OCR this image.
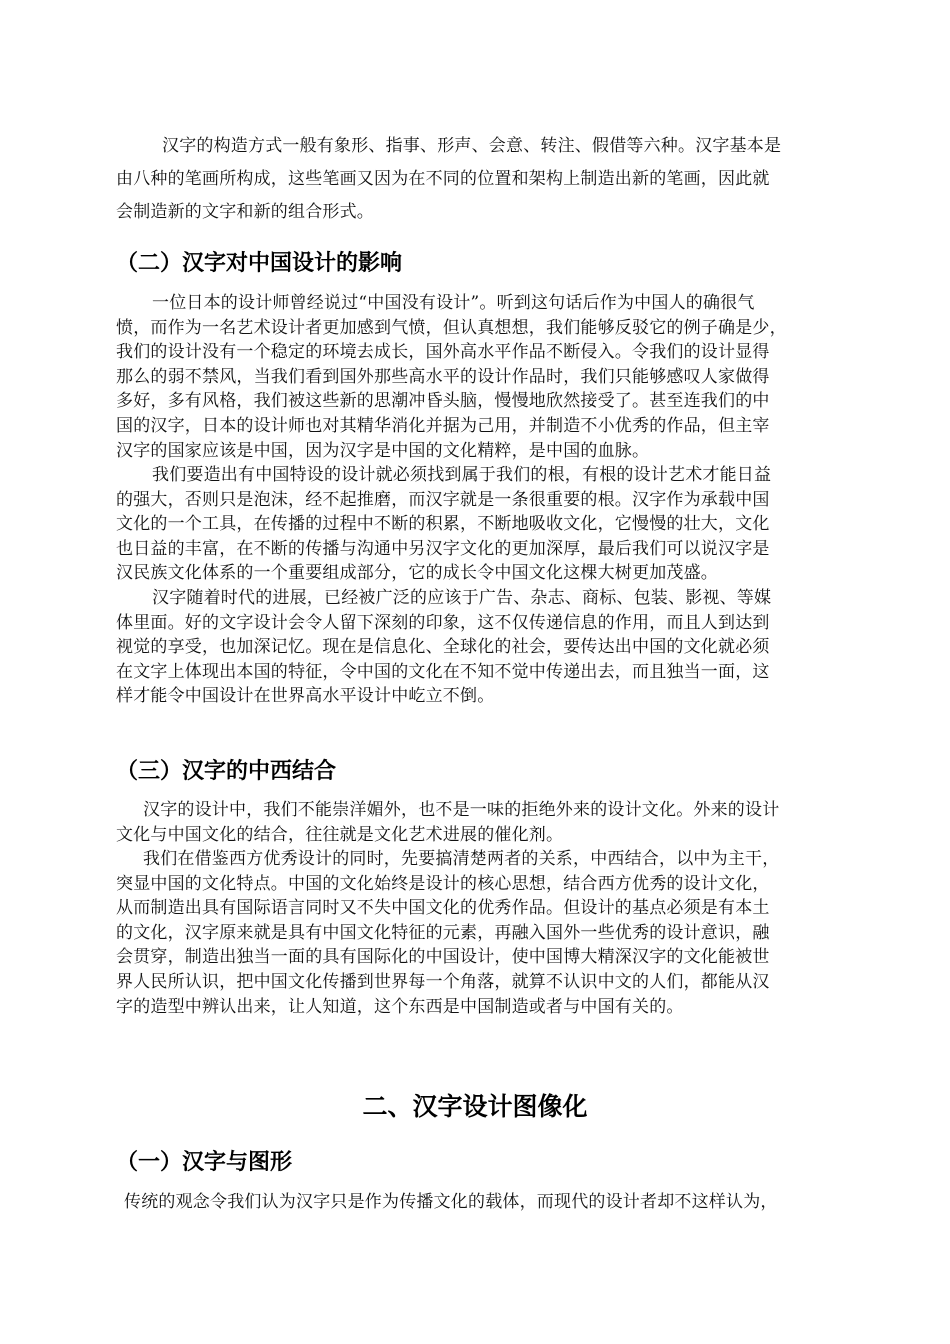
汉字的构造方式一般有象形、指事、形声、会意、转注、假借等六种。汉字基本是
由八种的笔画所构成，这些笔画又因为在不同的位置和架构上制造出新的笔画，因此就
会制造新的文字和新的组合形式。
（二）汉字对中国设计的影响
一位日本的设计师曾经说过“中国没有设计”。听到这句话后作为中国人的确很气
愤，而作为一名艺术设计者更加感到气愤，但认真想想，我们能够反驳它的例子确是少，
我们的设计没有一个稳定的环境去成长，国外高水平作品不断侵入。令我们的设计显得
那么的弱不禁风，当我们看到国外那些高水平的设计作品时，我们只能够感叹人家做得
多好，多有风格，我们被这些新的思潮冲昏头脑，慢慢地欣然接受了。甚至连我们的中
国的汉字，日本的设计师也对其精华消化并据为己用，并制造不小优秀的作品，但主宰
汉字的国家应该是中国，因为汉字是中国的文化精粹，是中国的血脉。
我们要造出有中国特设的设计就必须找到属于我们的根，有根的设计艺术才能日益
的强大，否则只是泡沫，经不起推磨，而汉字就是一条很重要的根。汉字作为承载中国
文化的一个工具，在传播的过程中不断的积累，不断地吸收文化，它慢慢的壮大，文化
也日益的丰富，在不断的传播与沟通中另汉字文化的更加深厚，最后我们可以说汉字是
汉民族文化体系的一个重要组成部分，它的成长令中国文化这棵大树更加茂盛。
汉字随着时代的进展，已经被广泛的应该于广告、杂志、商标、包装、影视、等媒
体里面。好的文字设计会令人留下深刻的印象，这不仅传递信息的作用，而且人到达到
视觉的享受，也加深记忆。现在是信息化、全球化的社会，要传达出中国的文化就必须
在文字上体现出本国的特征，令中国的文化在不知不觉中传递出去，而且独当一面，这
样才能令中国设计在世界高水平设计中屹立不倒。
（三）汉字的中西结合
汉字的设计中，我们不能崇洋媚外，也不是一味的拒绝外来的设计文化。外来的设计
文化与中国文化的结合，往往就是文化艺术进展的催化剂。
我们在借鉴西方优秀设计的同时，先要搞清楚两者的关系，中西结合，以中为主干，
突显中国的文化特点。中国的文化始终是设计的核心思想，结合西方优秀的设计文化，
从而制造出具有国际语言同时又不失中国文化的优秀作品。但设计的基点必须是有本土
的文化，汉字原来就是具有中国文化特征的元素，再融入国外一些优秀的设计意识，融
会贯穿，制造出独当一面的具有国际化的中国设计，使中国博大精深汉字的文化能被世
界人民所认识，把中国文化传播到世界每一个角落，就算不认识中文的人们，都能从汉
字的造型中辨认出来，让人知道，这个东西是中国制造或者与中国有关的。
二、汉字设计图像化
（一）汉字与图形
传统的观念令我们认为汉字只是作为传播文化的载体，而现代的设计者却不这样认为，
